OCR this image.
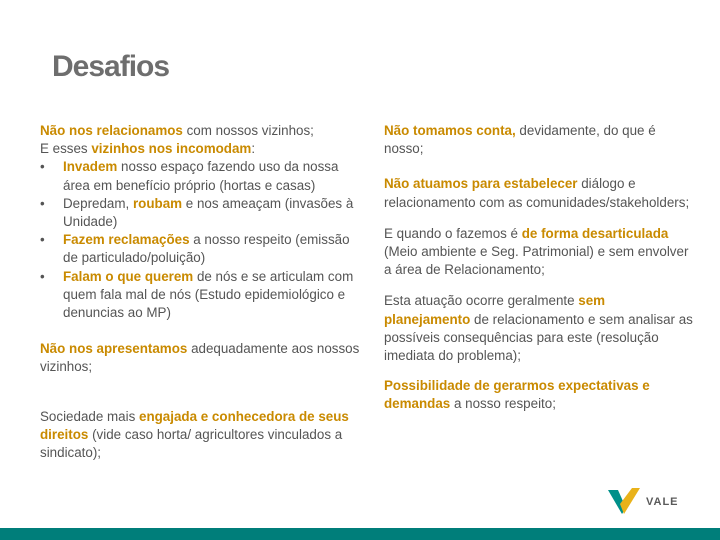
Desafios

Não nos relacionamos com nossos vizinhos;
E esses vizinhos nos incomodam:

• Invadem nosso espaço fazendo uso da nossa área em benefício próprio (hortas e casas)
• Depredam, roubam e nos ameaçam (invasões à Unidade)
• Fazem reclamações a nosso respeito (emissão de particulado/poluição)
• Falam o que querem de nós e se articulam com quem fala mal de nós (Estudo epidemiológico e denuncias ao MP)

Não nos apresentamos adequadamente aos nossos vizinhos;

Sociedade mais engajada e conhecedora de seus direitos (vide caso horta/ agricultores vinculados a sindicato);

Não tomamos conta, devidamente, do que é nosso;

Não atuamos para estabelecer diálogo e relacionamento com as comunidades/stakeholders;

E quando o fazemos é de forma desarticulada (Meio ambiente e Seg. Patrimonial) e sem envolver a área de Relacionamento;

Esta atuação ocorre geralmente sem planejamento de relacionamento e sem analisar as possíveis consequências para este (resolução imediata do problema);

Possibilidade de gerarmos expectativas e demandas a nosso respeito;

VALE
